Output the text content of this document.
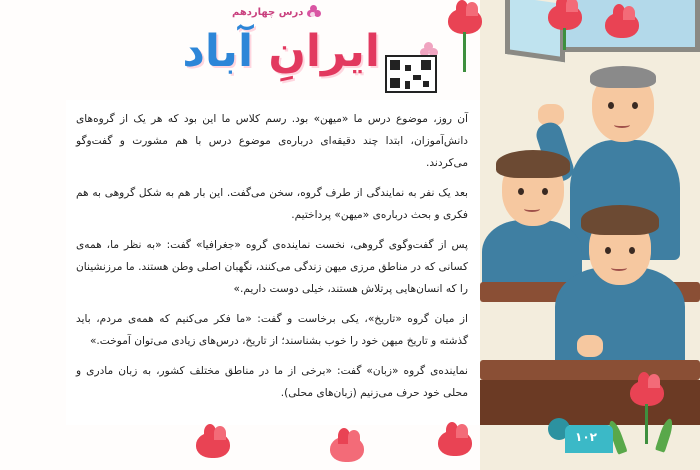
درس چهاردهم
ایرانِ آباد

آن روز، موضوع درس ما «میهن» بود. رسم کلاس ما این بود که هر یک از گروه‌های دانش‌آموزان، ابتدا چند دقیقه‌ای درباره‌ی موضوع درس با هم مشورت و گفت‌وگو می‌کردند.

بعد یک نفر به نمایندگی از طرف گروه، سخن می‌گفت. این بار هم به شکل گروهی به هم فکری و بحث درباره‌ی «میهن» پرداختیم.

پس از گفت‌وگوی گروهی، نخست نماینده‌ی گروه «جغرافیا» گفت: «به نظر ما، همه‌ی کسانی که در مناطق مرزی میهن زندگی می‌کنند، نگهبان اصلی وطن هستند. ما مرزنشینان را که انسان‌هایی پرتلاش هستند، خیلی دوست داریم.»

از میان گروه «تاریخ»، یکی برخاست و گفت: «ما فکر می‌کنیم که همه‌ی مردم، باید گذشته و تاریخ میهن خود را خوب بشناسند؛ از تاریخ، درس‌های زیادی می‌توان آموخت.»

نماینده‌ی گروه «زبان» گفت: «برخی از ما در مناطق مختلف کشور، به زبان مادری و محلی خود حرف می‌زنیم (زبان‌های محلی).

۱۰۲
